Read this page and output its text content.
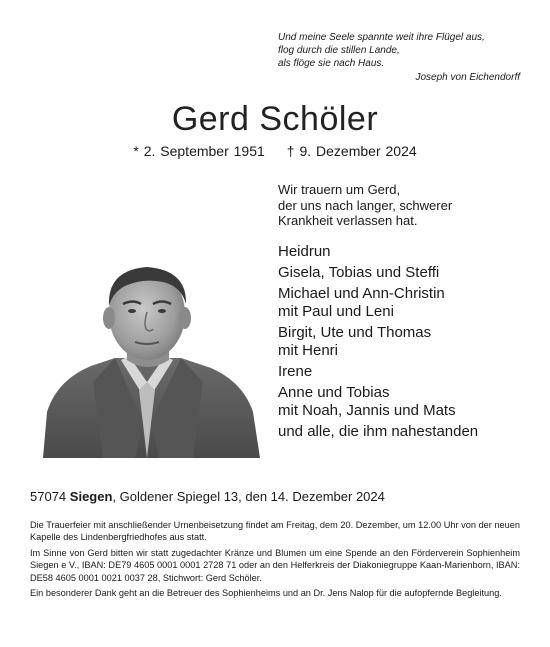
Und meine Seele spannte weit ihre Flügel aus,
flog durch die stillen Lande,
als flöge sie nach Haus.
Joseph von Eichendorff
Gerd Schöler
* 2. September 1951 † 9. Dezember 2024
Wir trauern um Gerd,
der uns nach langer, schwerer
Krankheit verlassen hat.
Heidrun
Gisela, Tobias und Steffi
Michael und Ann-Christin
mit Paul und Leni
Birgit, Ute und Thomas
mit Henri
Irene
Anne und Tobias
mit Noah, Jannis und Mats
und alle, die ihm nahestanden
57074 Siegen, Goldener Spiegel 13, den 14. Dezember 2024

Die Trauerfeier mit anschließender Urnenbeisetzung findet am Freitag, dem 20. Dezember, um 12.00 Uhr von der neuen Kapelle des Lindenbergfriedhofes aus statt.

Im Sinne von Gerd bitten wir statt zugedachter Kränze und Blumen um eine Spende an den Förderverein Sophienheim Siegen e V., IBAN: DE79 4605 0001 0001 2728 71 oder an den Helferkreis der Diakoniegruppe Kaan-Marienborn, IBAN: DE58 4605 0001 0021 0037 28, Stichwort: Gerd Schöler.

Ein besonderer Dank geht an die Betreuer des Sophienheims und an Dr. Jens Nalop für die aufopfernde Begleitung.
